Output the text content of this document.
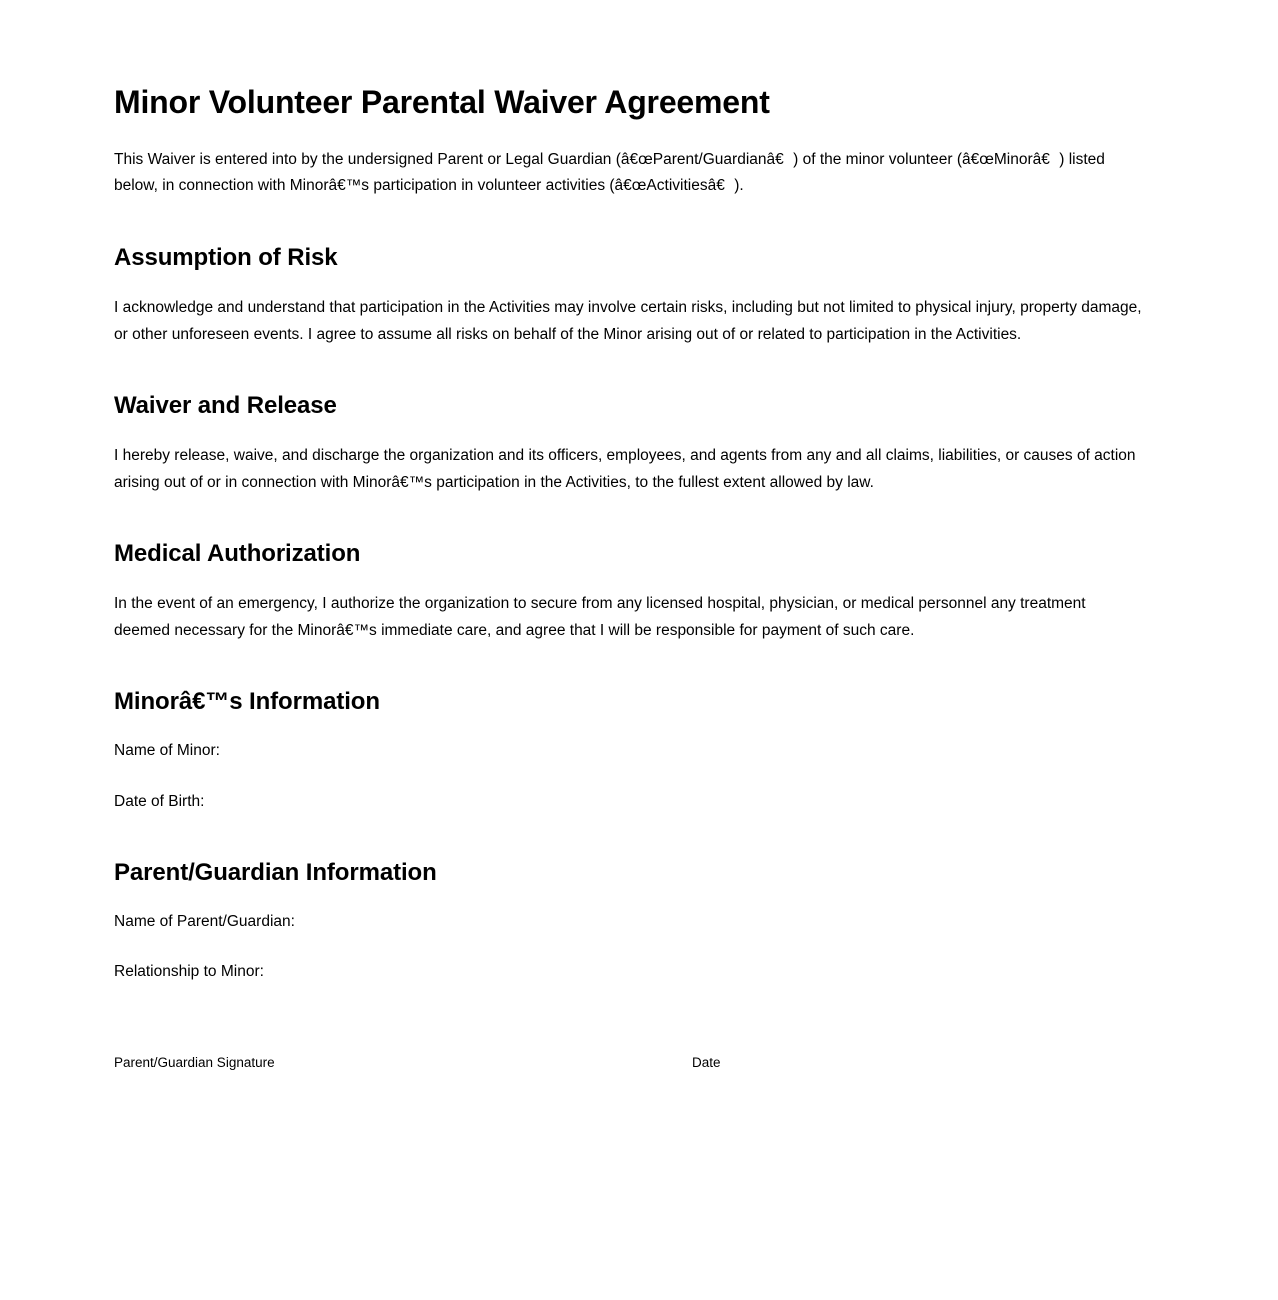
Minor Volunteer Parental Waiver Agreement

This Waiver is entered into by the undersigned Parent or Legal Guardian (â€œParent/Guardianâ€) of the minor volunteer (â€œMinorâ€) listed below, in connection with Minorâ€™s participation in volunteer activities (â€œActivitiesâ€).

Assumption of Risk

I acknowledge and understand that participation in the Activities may involve certain risks, including but not limited to physical injury, property damage, or other unforeseen events. I agree to assume all risks on behalf of the Minor arising out of or related to participation in the Activities.

Waiver and Release

I hereby release, waive, and discharge the organization and its officers, employees, and agents from any and all claims, liabilities, or causes of action arising out of or in connection with Minorâ€™s participation in the Activities, to the fullest extent allowed by law.

Medical Authorization

In the event of an emergency, I authorize the organization to secure from any licensed hospital, physician, or medical personnel any treatment deemed necessary for the Minorâ€™s immediate care, and agree that I will be responsible for payment of such care.

Minorâ€™s Information

Name of Minor:

Date of Birth:

Parent/Guardian Information

Name of Parent/Guardian:

Relationship to Minor:

Parent/Guardian Signature	Date
